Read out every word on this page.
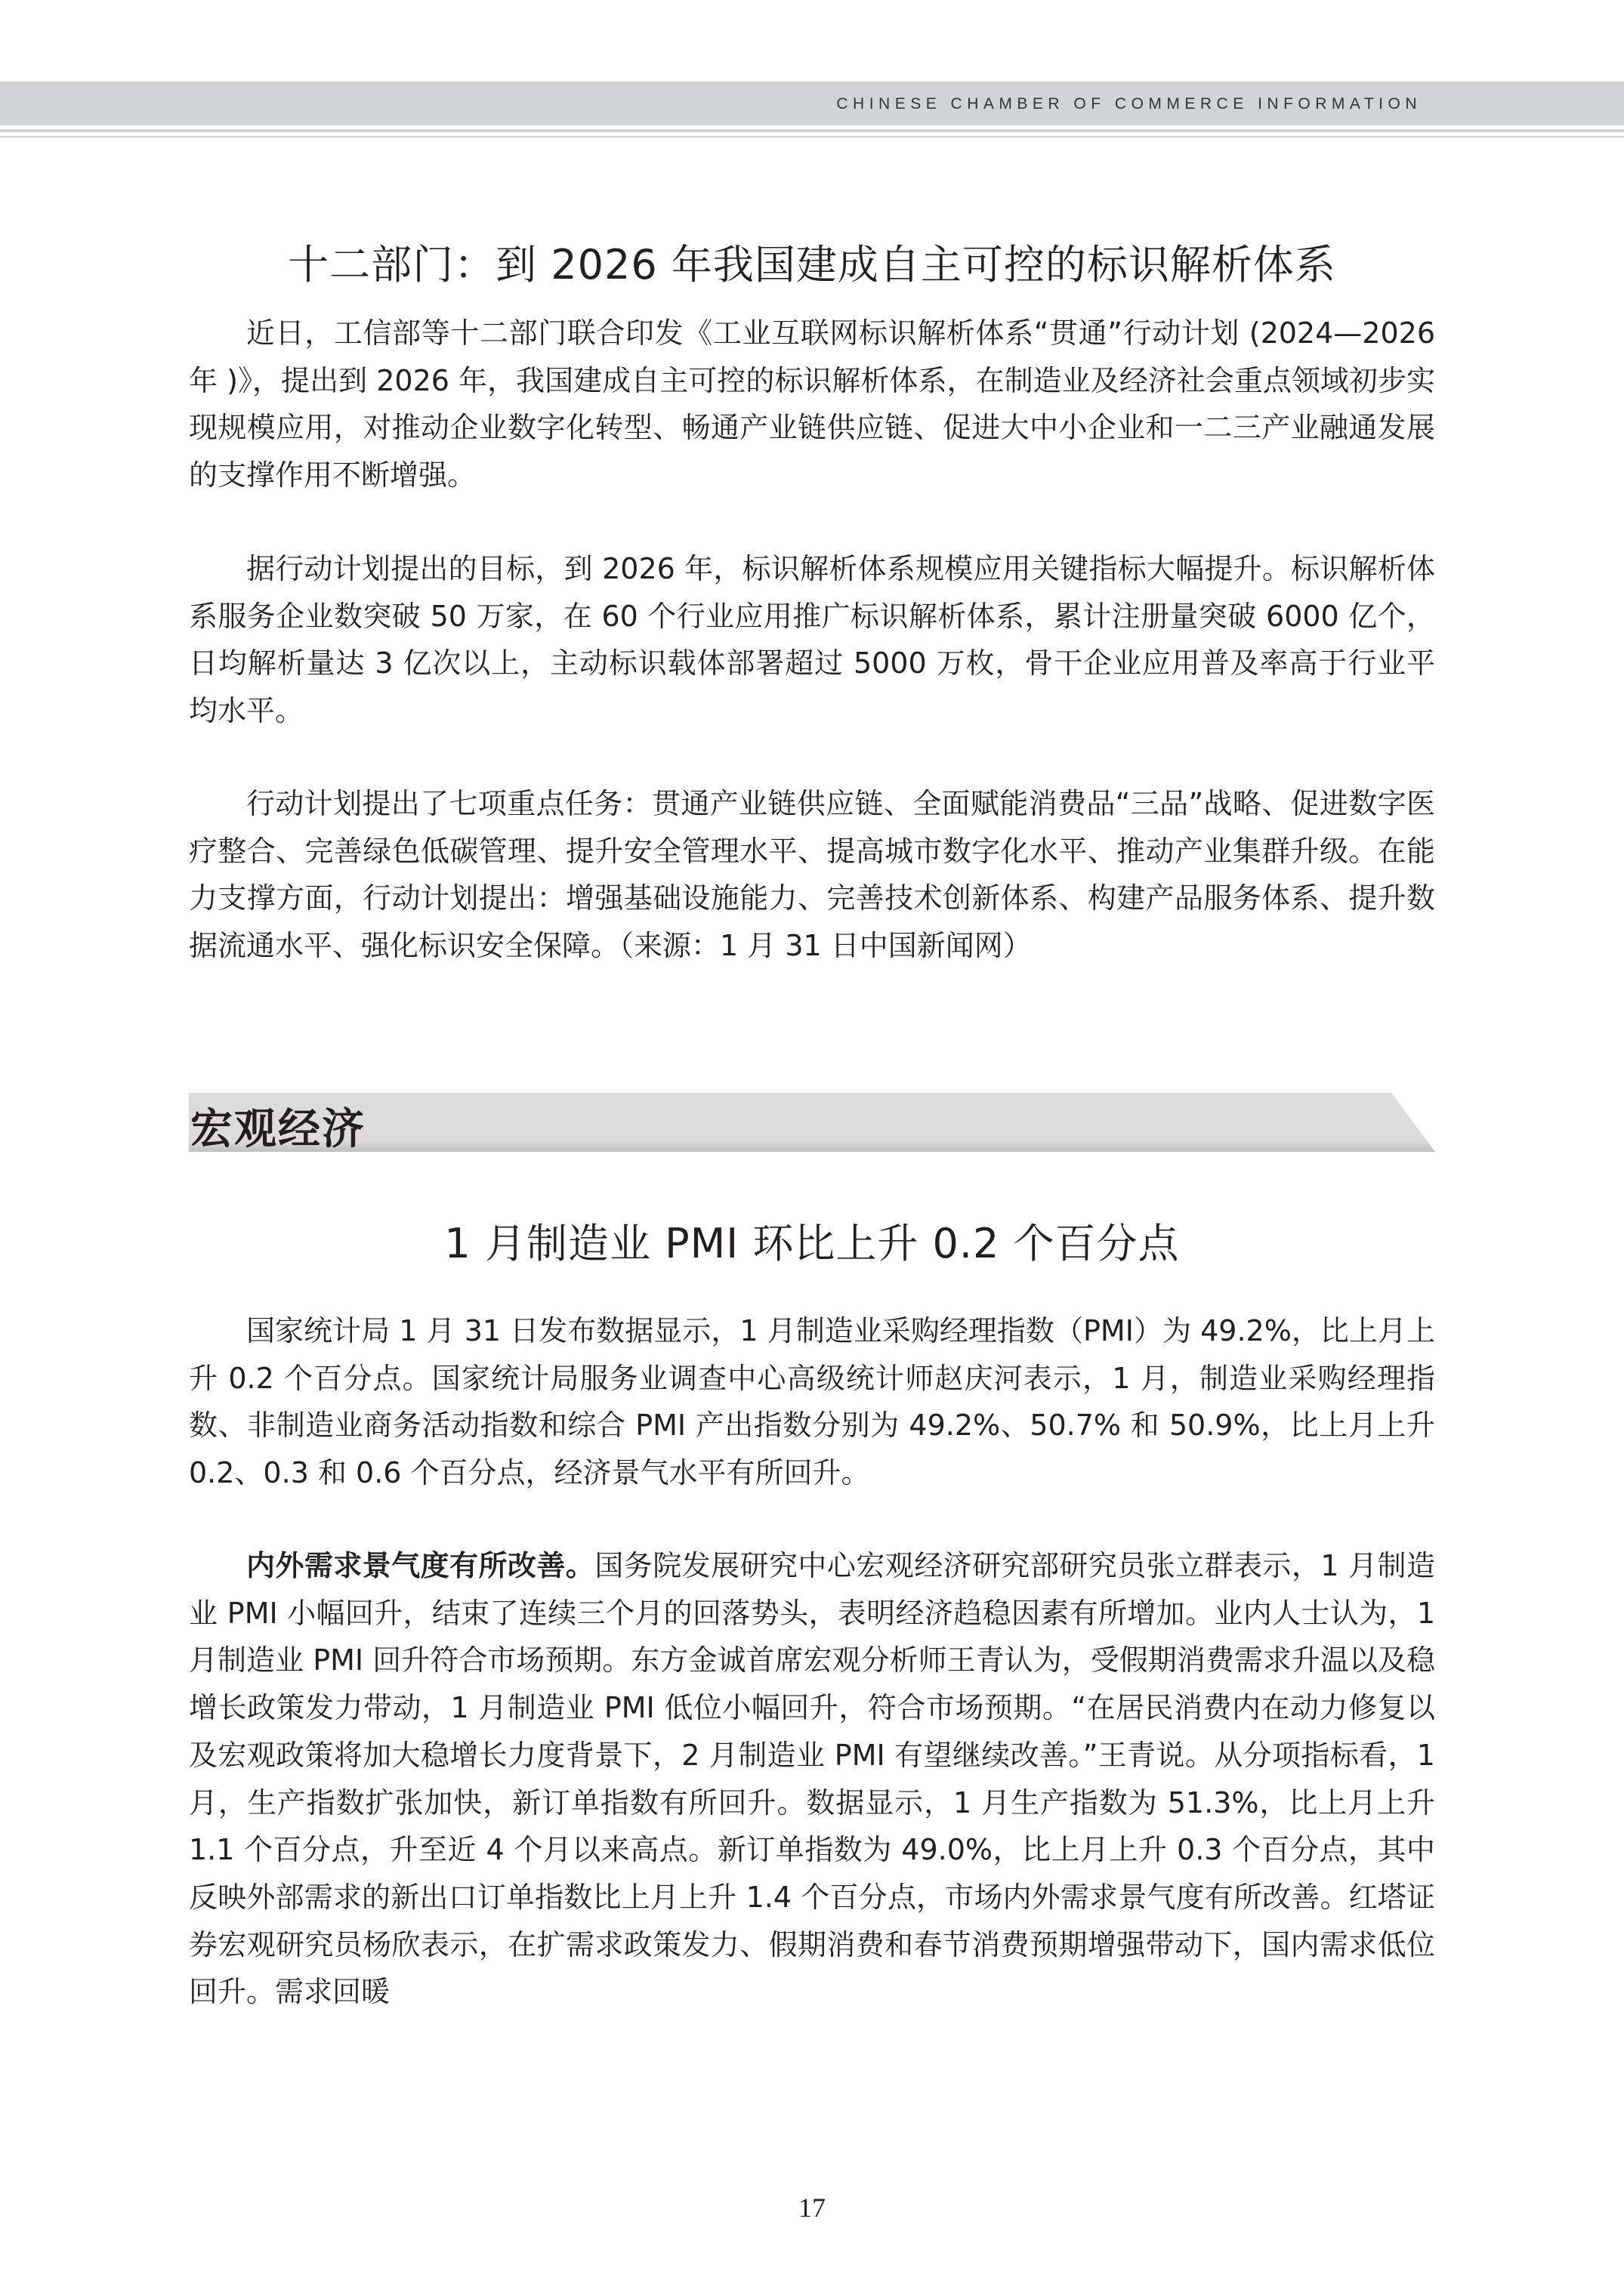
CHINESE CHAMBER OF COMMERCE INFORMATION
十二部门：到 2026 年我国建成自主可控的标识解析体系

近日，工信部等十二部门联合印发《工业互联网标识解析体系“贯通”行动计划 (2024—2026 年 )》，提出到 2026 年，我国建成自主可控的标识解析体系，在制造业及经济社会重点领域初步实现规模应用，对推动企业数字化转型、畅通产业链供应链、促进大中小企业和一二三产业融通发展的支撑作用不断增强。

据行动计划提出的目标，到 2026 年，标识解析体系规模应用关键指标大幅提升。标识解析体系服务企业数突破 50 万家，在 60 个行业应用推广标识解析体系，累计注册量突破 6000 亿个，日均解析量达 3 亿次以上，主动标识载体部署超过 5000 万枚，骨干企业应用普及率高于行业平均水平。

行动计划提出了七项重点任务：贯通产业链供应链、全面赋能消费品“三品”战略、促进数字医疗整合、完善绿色低碳管理、提升安全管理水平、提高城市数字化水平、推动产业集群升级。在能力支撑方面，行动计划提出：增强基础设施能力、完善技术创新体系、构建产品服务体系、提升数据流通水平、强化标识安全保障。（来源：1 月 31 日中国新闻网）

宏观经济
1 月制造业 PMI 环比上升 0.2 个百分点

国家统计局 1 月 31 日发布数据显示，1 月制造业采购经理指数（PMI）为 49.2%，比上月上升 0.2 个百分点。国家统计局服务业调查中心高级统计师赵庆河表示，1 月，制造业采购经理指数、非制造业商务活动指数和综合 PMI 产出指数分别为 49.2%、50.7% 和 50.9%，比上月上升 0.2、0.3 和 0.6 个百分点，经济景气水平有所回升。

内外需求景气度有所改善。国务院发展研究中心宏观经济研究部研究员张立群表示，1 月制造业 PMI 小幅回升，结束了连续三个月的回落势头，表明经济趋稳因素有所增加。业内人士认为，1 月制造业 PMI 回升符合市场预期。东方金诚首席宏观分析师王青认为，受假期消费需求升温以及稳增长政策发力带动，1 月制造业 PMI 低位小幅回升，符合市场预期。“在居民消费内在动力修复以及宏观政策将加大稳增长力度背景下，2 月制造业 PMI 有望继续改善。”王青说。从分项指标看，1 月，生产指数扩张加快，新订单指数有所回升。数据显示，1 月生产指数为 51.3%，比上月上升 1.1 个百分点，升至近 4 个月以来高点。新订单指数为 49.0%，比上月上升 0.3 个百分点，其中反映外部需求的新出口订单指数比上月上升 1.4 个百分点，市场内外需求景气度有所改善。红塔证券宏观研究员杨欣表示，在扩需求政策发力、假期消费和春节消费预期增强带动下，国内需求低位回升。需求回暖

17
